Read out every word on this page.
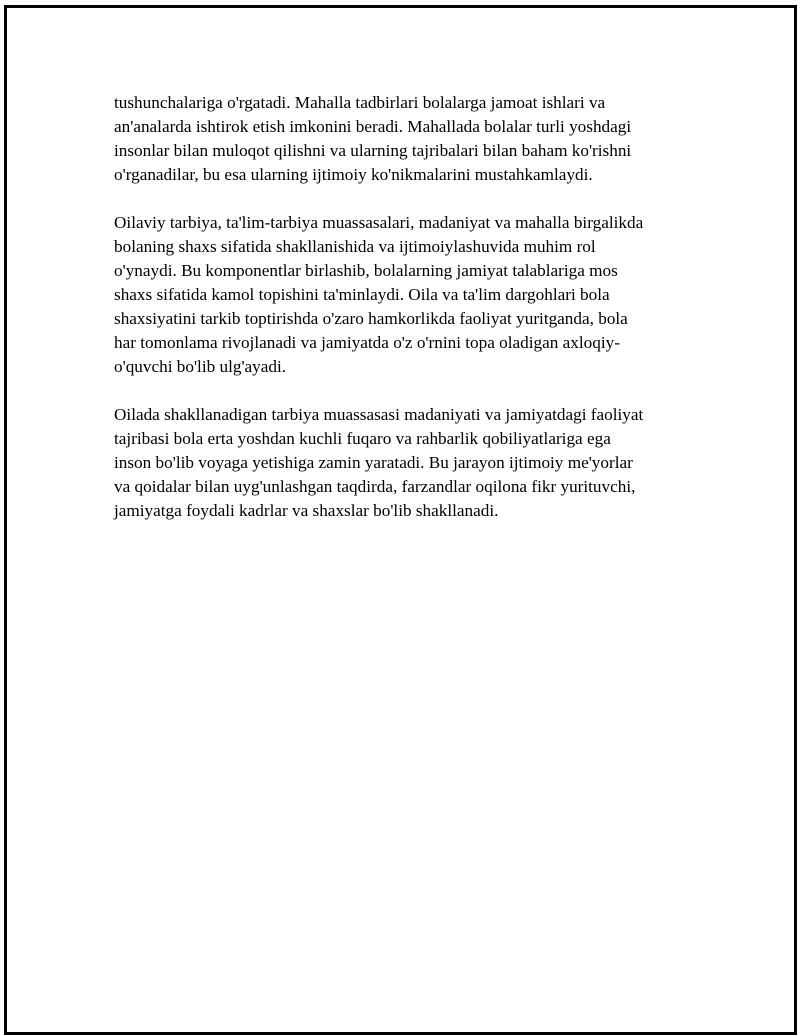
tushunchalariga o'rgatadi. Mahalla tadbirlari bolalarga jamoat ishlari va
an'analarda ishtirok etish imkonini beradi. Mahallada bolalar turli yoshdagi
insonlar bilan muloqot qilishni va ularning tajribalari bilan baham ko'rishni
o'rganadilar, bu esa ularning ijtimoiy ko'nikmalarini mustahkamlaydi.

Oilaviy tarbiya, ta'lim-tarbiya muassasalari, madaniyat va mahalla birgalikda
bolaning shaxs sifatida shakllanishida va ijtimoiylashuvida muhim rol
o'ynaydi. Bu komponentlar birlashib, bolalarning jamiyat talablariga mos
shaxs sifatida kamol topishini ta'minlaydi. Oila va ta'lim dargohlari bola
shaxsiyatini tarkib toptirishda o'zaro hamkorlikda faoliyat yuritganda, bola
har tomonlama rivojlanadi va jamiyatda o'z o'rnini topa oladigan axloqiy-
o'quvchi bo'lib ulg'ayadi.

Oilada shakllanadigan tarbiya muassasasi madaniyati va jamiyatdagi faoliyat
tajribasi bola erta yoshdan kuchli fuqaro va rahbarlik qobiliyatlariga ega
inson bo'lib voyaga yetishiga zamin yaratadi. Bu jarayon ijtimoiy me'yorlar
va qoidalar bilan uyg'unlashgan taqdirda, farzandlar oqilona fikr yurituvchi,
jamiyatga foydali kadrlar va shaxslar bo'lib shakllanadi.
